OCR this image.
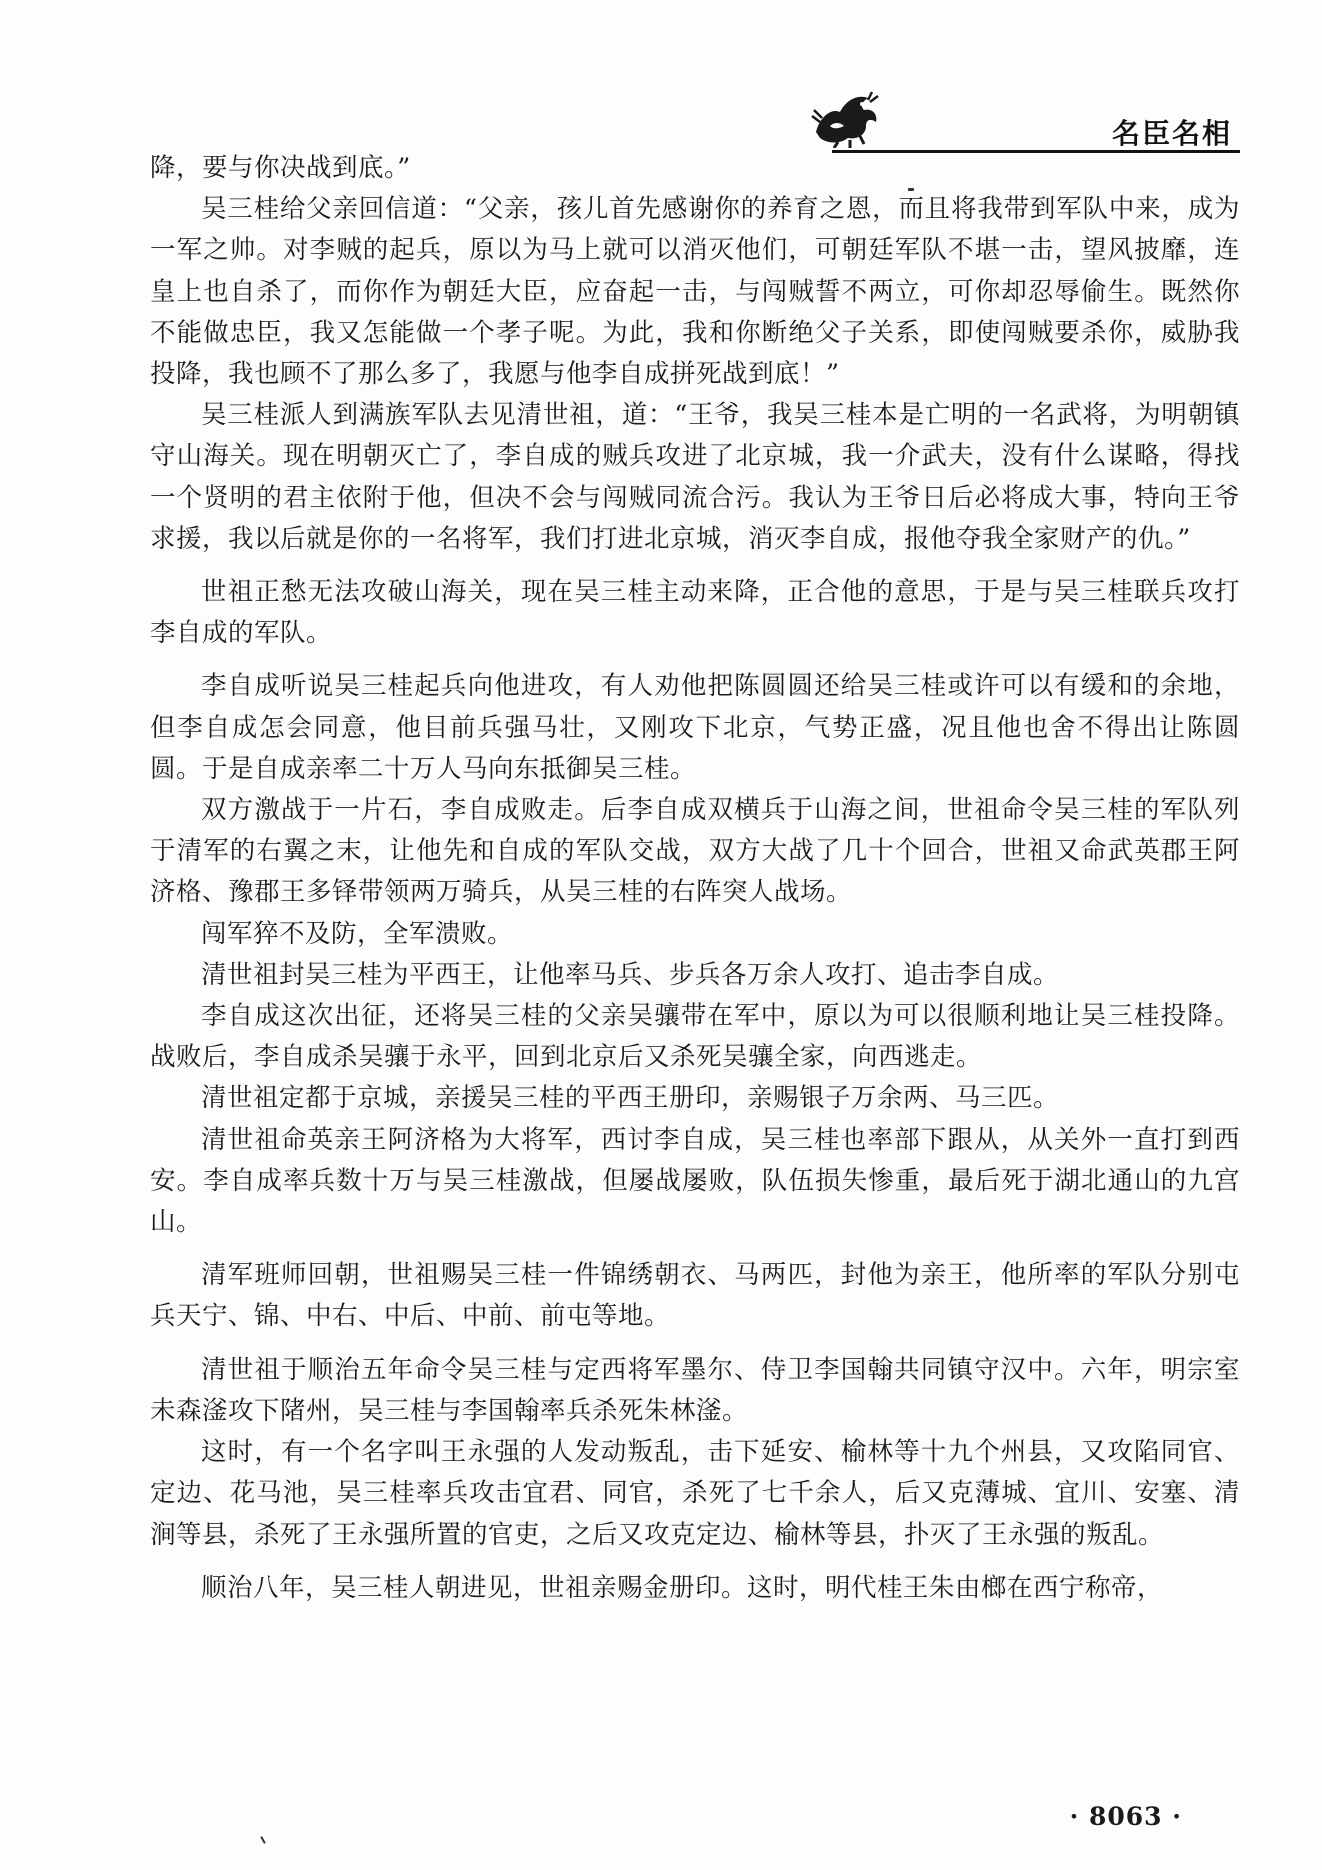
名臣名相

降，要与你决战到底。”

吴三桂给父亲回信道：“父亲，孩儿首先感谢你的养育之恩，而且将我带到军队中来，成为一军之帅。对李贼的起兵，原以为马上就可以消灭他们，可朝廷军队不堪一击，望风披靡，连皇上也自杀了，而你作为朝廷大臣，应奋起一击，与闯贼誓不两立，可你却忍辱偷生。既然你不能做忠臣，我又怎能做一个孝子呢。为此，我和你断绝父子关系，即使闯贼要杀你，威胁我投降，我也顾不了那么多了，我愿与他李自成拼死战到底！”

吴三桂派人到满族军队去见清世祖，道：“王爷，我吴三桂本是亡明的一名武将，为明朝镇守山海关。现在明朝灭亡了，李自成的贼兵攻进了北京城，我一介武夫，没有什么谋略，得找一个贤明的君主依附于他，但决不会与闯贼同流合污。我认为王爷日后必将成大事，特向王爷求援，我以后就是你的一名将军，我们打进北京城，消灭李自成，报他夺我全家财产的仇。”

世祖正愁无法攻破山海关，现在吴三桂主动来降，正合他的意思，于是与吴三桂联兵攻打李自成的军队。

李自成听说吴三桂起兵向他进攻，有人劝他把陈圆圆还给吴三桂或许可以有缓和的余地，但李自成怎会同意，他目前兵强马壮，又刚攻下北京，气势正盛，况且他也舍不得出让陈圆圆。于是自成亲率二十万人马向东抵御吴三桂。

双方激战于一片石，李自成败走。后李自成双横兵于山海之间，世祖命令吴三桂的军队列于清军的右翼之末，让他先和自成的军队交战，双方大战了几十个回合，世祖又命武英郡王阿济格、豫郡王多铎带领两万骑兵，从吴三桂的右阵突人战场。

闯军猝不及防，全军溃败。

清世祖封吴三桂为平西王，让他率马兵、步兵各万余人攻打、追击李自成。

李自成这次出征，还将吴三桂的父亲吴骧带在军中，原以为可以很顺利地让吴三桂投降。战败后，李自成杀吴骧于永平，回到北京后又杀死吴骧全家，向西逃走。

清世祖定都于京城，亲援吴三桂的平西王册印，亲赐银子万余两、马三匹。

清世祖命英亲王阿济格为大将军，西讨李自成，吴三桂也率部下跟从，从关外一直打到西安。李自成率兵数十万与吴三桂激战，但屡战屡败，队伍损失惨重，最后死于湖北通山的九宫山。

清军班师回朝，世祖赐吴三桂一件锦绣朝衣、马两匹，封他为亲王，他所率的军队分别屯兵天宁、锦、中右、中后、中前、前屯等地。

清世祖于顺治五年命令吴三桂与定西将军墨尔、侍卫李国翰共同镇守汉中。六年，明宗室未森滏攻下陼州，吴三桂与李国翰率兵杀死朱林滏。

这时，有一个名字叫王永强的人发动叛乱，击下延安、榆林等十九个州县，又攻陷同官、定边、花马池，吴三桂率兵攻击宜君、同官，杀死了七千余人，后又克薄城、宜川、安塞、清涧等县，杀死了王永强所置的官吏，之后又攻克定边、榆林等县，扑灭了王永强的叛乱。

顺治八年，吴三桂人朝进见，世祖亲赐金册印。这时，明代桂王朱由榔在西宁称帝，

· 8063 ·
